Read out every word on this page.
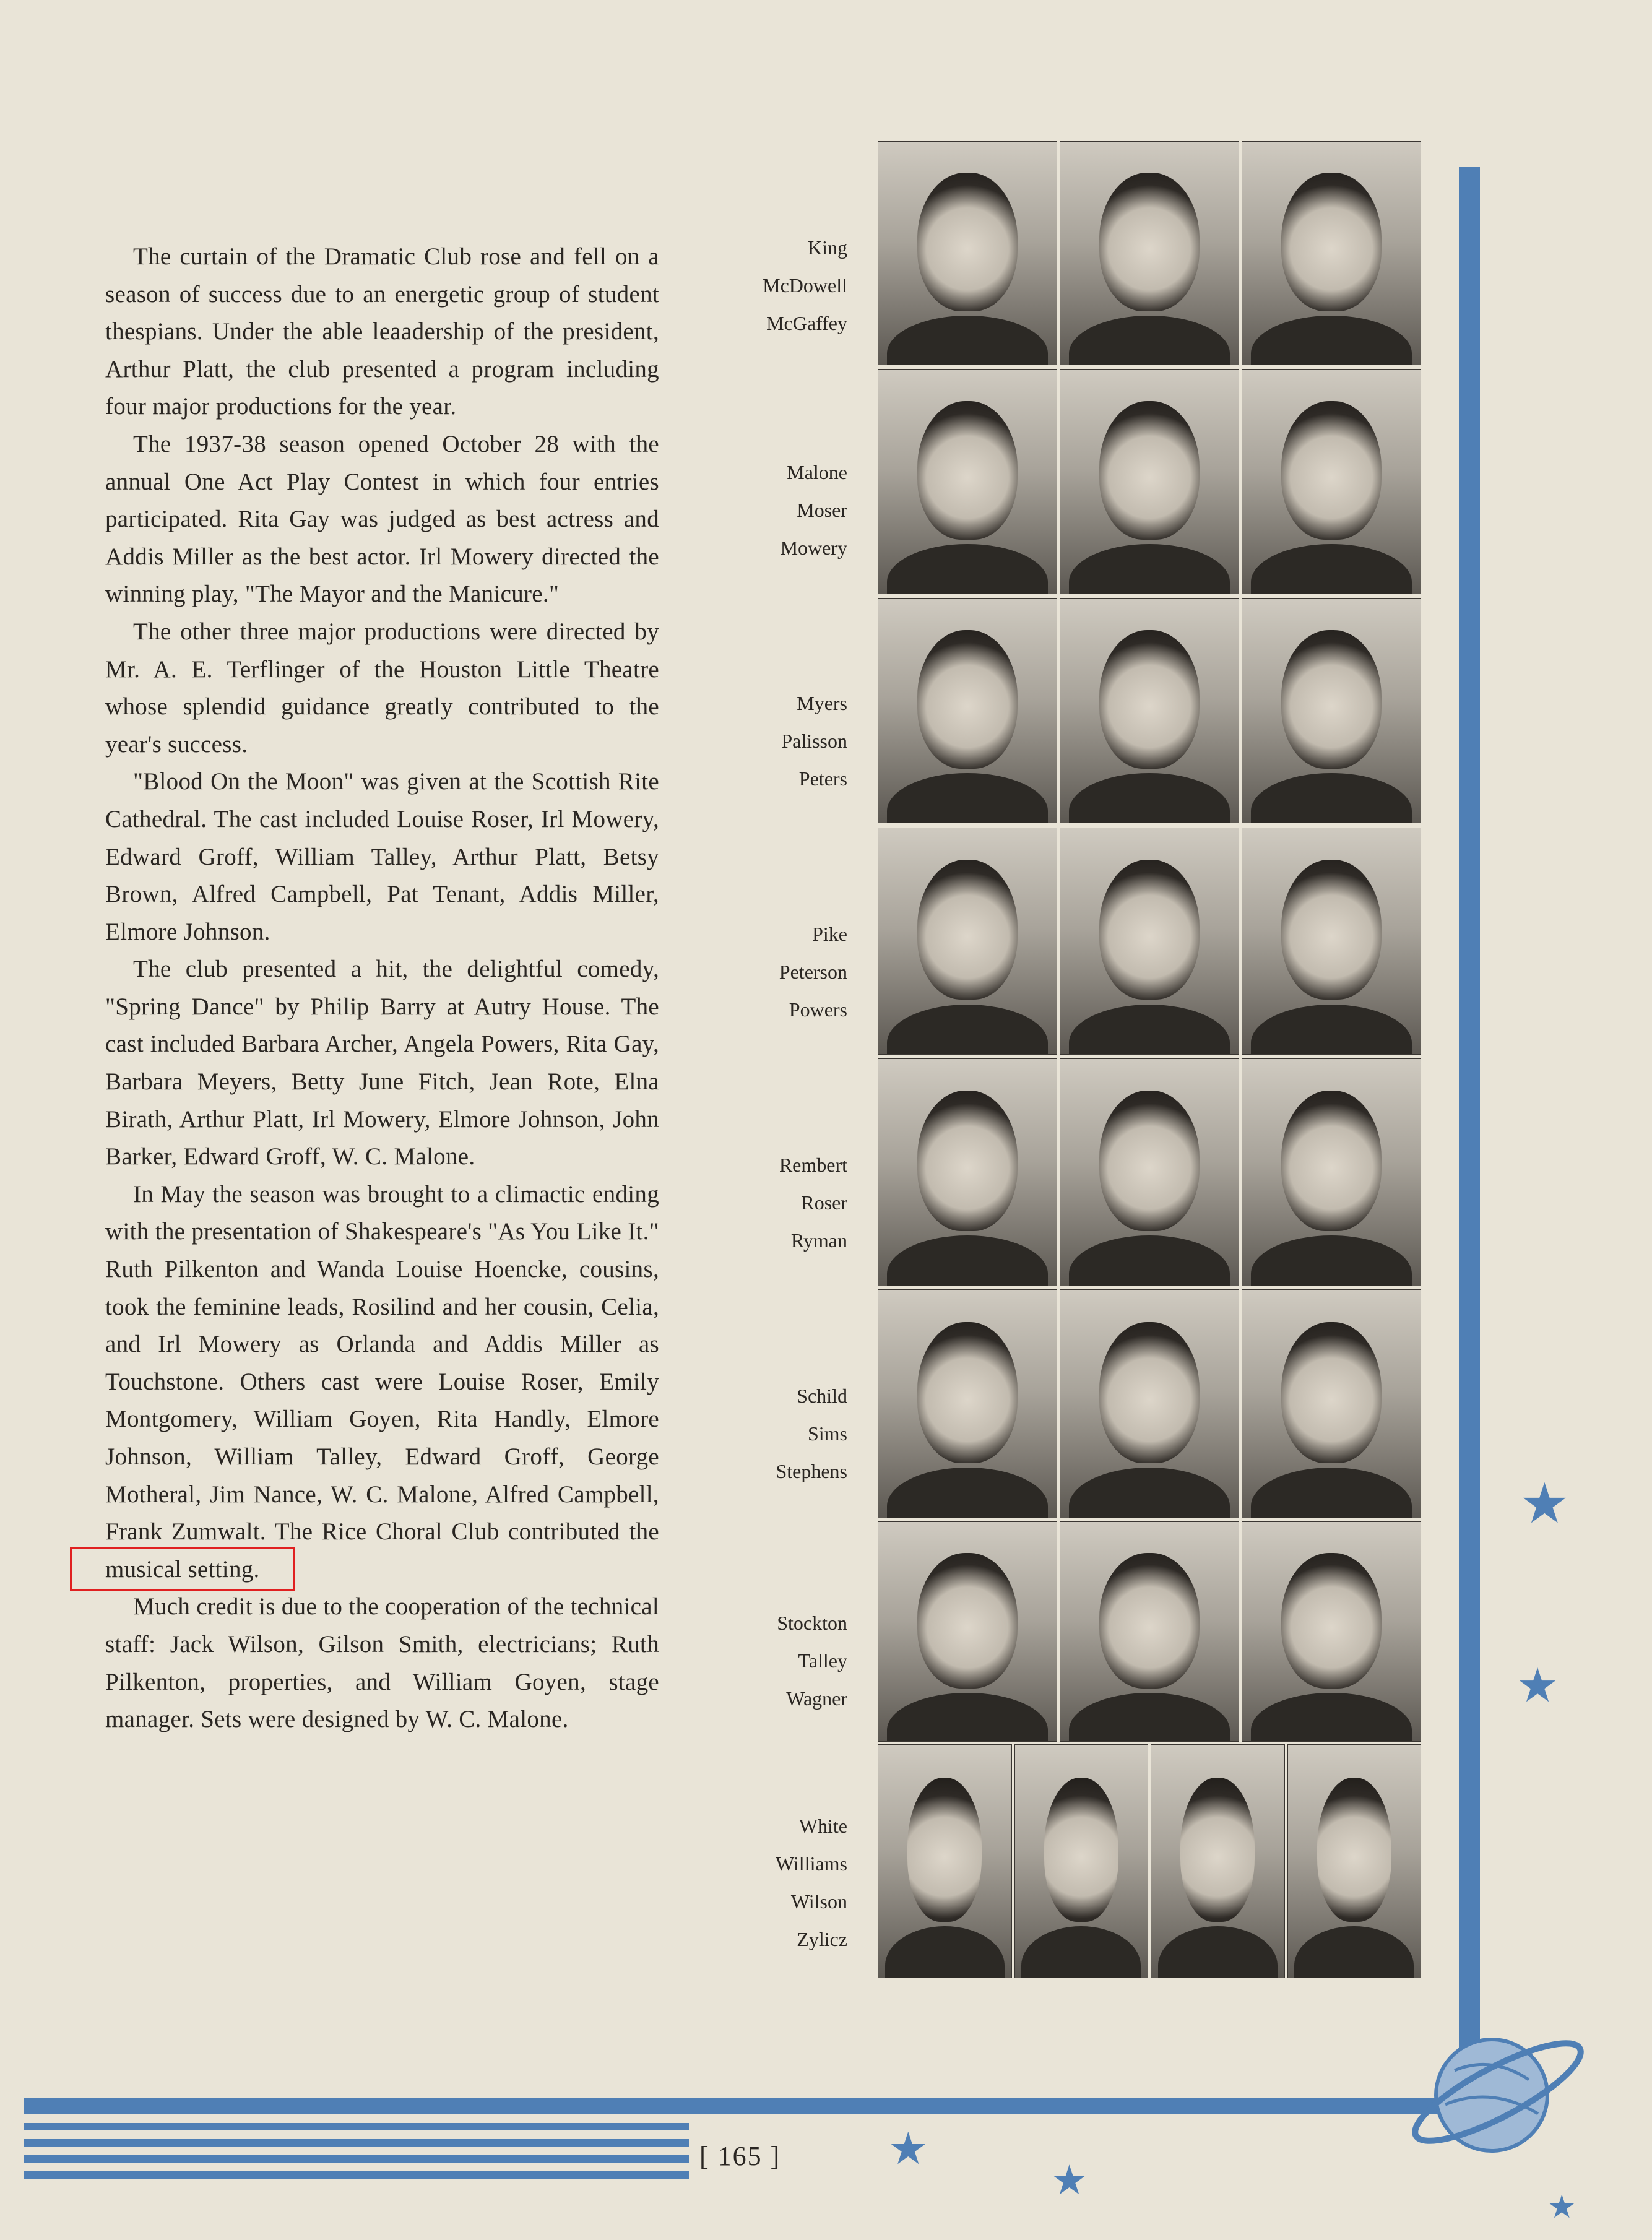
The curtain of the Dramatic Club rose and fell on a season of success due to an energetic group of student thespians. Under the able leaadership of the president, Arthur Platt, the club presented a program including four major productions for the year.

The 1937-38 season opened October 28 with the annual One Act Play Contest in which four entries participated. Rita Gay was judged as best actress and Addis Miller as the best actor. Irl Mowery directed the winning play, "The Mayor and the Manicure."

The other three major productions were directed by Mr. A. E. Terflinger of the Houston Little Theatre whose splendid guidance greatly contributed to the year's success.

"Blood On the Moon" was given at the Scottish Rite Cathedral. The cast included Louise Roser, Irl Mowery, Edward Groff, William Talley, Arthur Platt, Betsy Brown, Alfred Campbell, Pat Tenant, Addis Miller, Elmore Johnson.

The club presented a hit, the delightful comedy, "Spring Dance" by Philip Barry at Autry House. The cast included Barbara Archer, Angela Powers, Rita Gay, Barbara Meyers, Betty June Fitch, Jean Rote, Elna Birath, Arthur Platt, Irl Mowery, Elmore Johnson, John Barker, Edward Groff, W. C. Malone.

In May the season was brought to a climactic ending with the presentation of Shakespeare's "As You Like It." Ruth Pilkenton and Wanda Louise Hoencke, cousins, took the feminine leads, Rosilind and her cousin, Celia, and Irl Mowery as Orlanda and Addis Miller as Touchstone. Others cast were Louise Roser, Emily Montgomery, William Goyen, Rita Handly, Elmore Johnson, William Talley, Edward Groff, George Motheral, Jim Nance, W. C. Malone, Alfred Campbell, Frank Zumwalt. The Rice Choral Club contributed the musical setting.

Much credit is due to the cooperation of the technical staff: Jack Wilson, Gilson Smith, electricians; Ruth Pilkenton, properties, and William Goyen, stage manager. Sets were designed by W. C. Malone.

King
McDowell
McGaffey
Malone
Moser
Mowery
Myers
Palisson
Peters
Pike
Peterson
Powers
Rembert
Roser
Ryman
Schild
Sims
Stephens
Stockton
Talley
Wagner
White
Williams
Wilson
Zylicz
[ 165 ]
★
★
★
★
★
